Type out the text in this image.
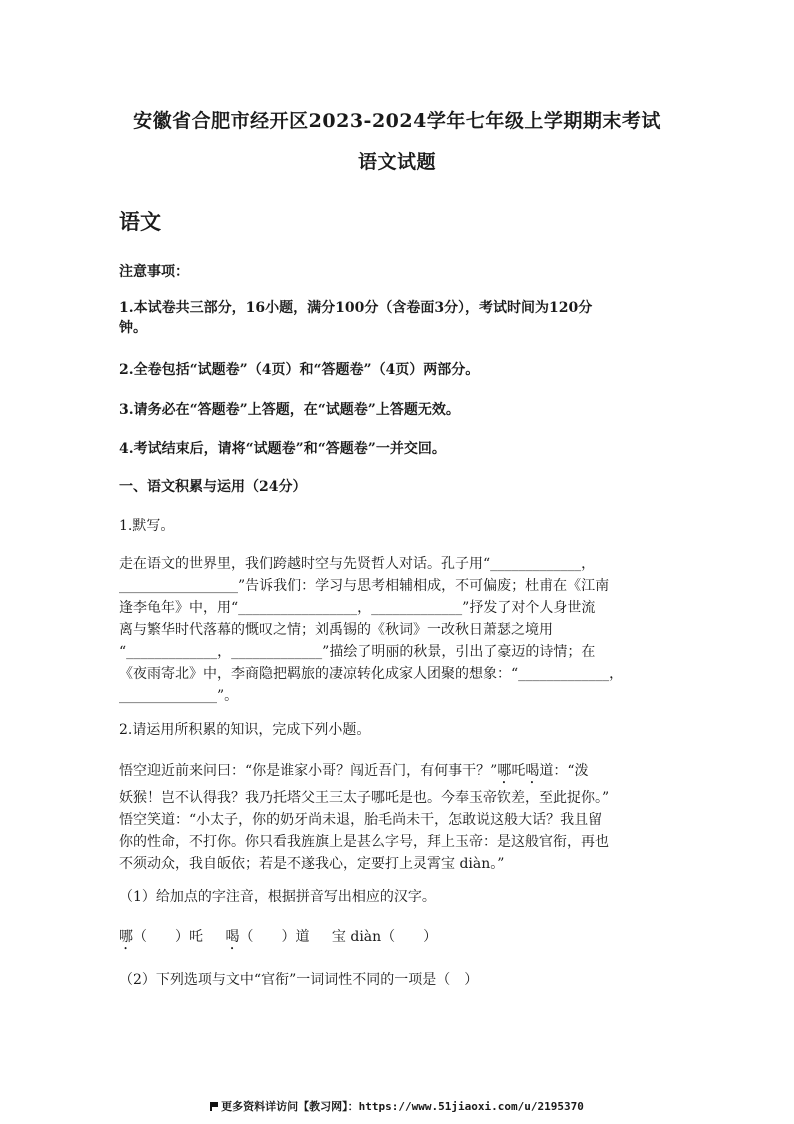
安徽省合肥市经开区2023-2024学年七年级上学期期末考试
语文试题
语文
注意事项：
1.本试卷共三部分，16小题，满分100分（含卷面3分），考试时间为120分
钟。
2.全卷包括“试题卷”（4页）和“答题卷”（4页）两部分。
3.请务必在“答题卷”上答题，在“试题卷”上答题无效。
4.考试结束后，请将“试题卷”和“答题卷”一并交回。
一、语文积累与运用（24分）
1.默写。
走在语文的世界里，我们跨越时空与先贤哲人对话。孔子用“_____________，
_________________”告诉我们：学习与思考相辅相成，不可偏废；杜甫在《江南
逢李龟年》中，用“_________________，_____________”抒发了对个人身世流
离与繁华时代落幕的慨叹之情；刘禹锡的《秋词》一改秋日萧瑟之境用
“_____________，_____________”描绘了明丽的秋景，引出了豪迈的诗情；在
《夜雨寄北》中，李商隐把羁旅的凄凉转化成家人团聚的想象：“_____________，
______________”。
2.请运用所积累的知识，完成下列小题。
悟空迎近前来问曰：“你是谁家小哥？闯近吾门，有何事干？”哪吒喝道：“泼
妖猴！岂不认得我？我乃托塔父王三太子哪吒是也。今奉玉帝钦差，至此捉你。”
悟空笑道：“小太子，你的奶牙尚未退，胎毛尚未干，怎敢说这般大话？我且留
你的性命，不打你。你只看我旌旗上是甚么字号，拜上玉帝：是这般官衔，再也
不须动众，我自皈依；若是不遂我心，定要打上灵霄宝 diàn。”
（1）给加点的字注音，根据拼音写出相应的汉字。
哪（　　）吒 喝（　　）道 宝 diàn（　　）
（2）下列选项与文中“官衔”一词词性不同的一项是（　）
更多资料详访问【教习网】：https://www.51jiaoxi.com/u/2195370
